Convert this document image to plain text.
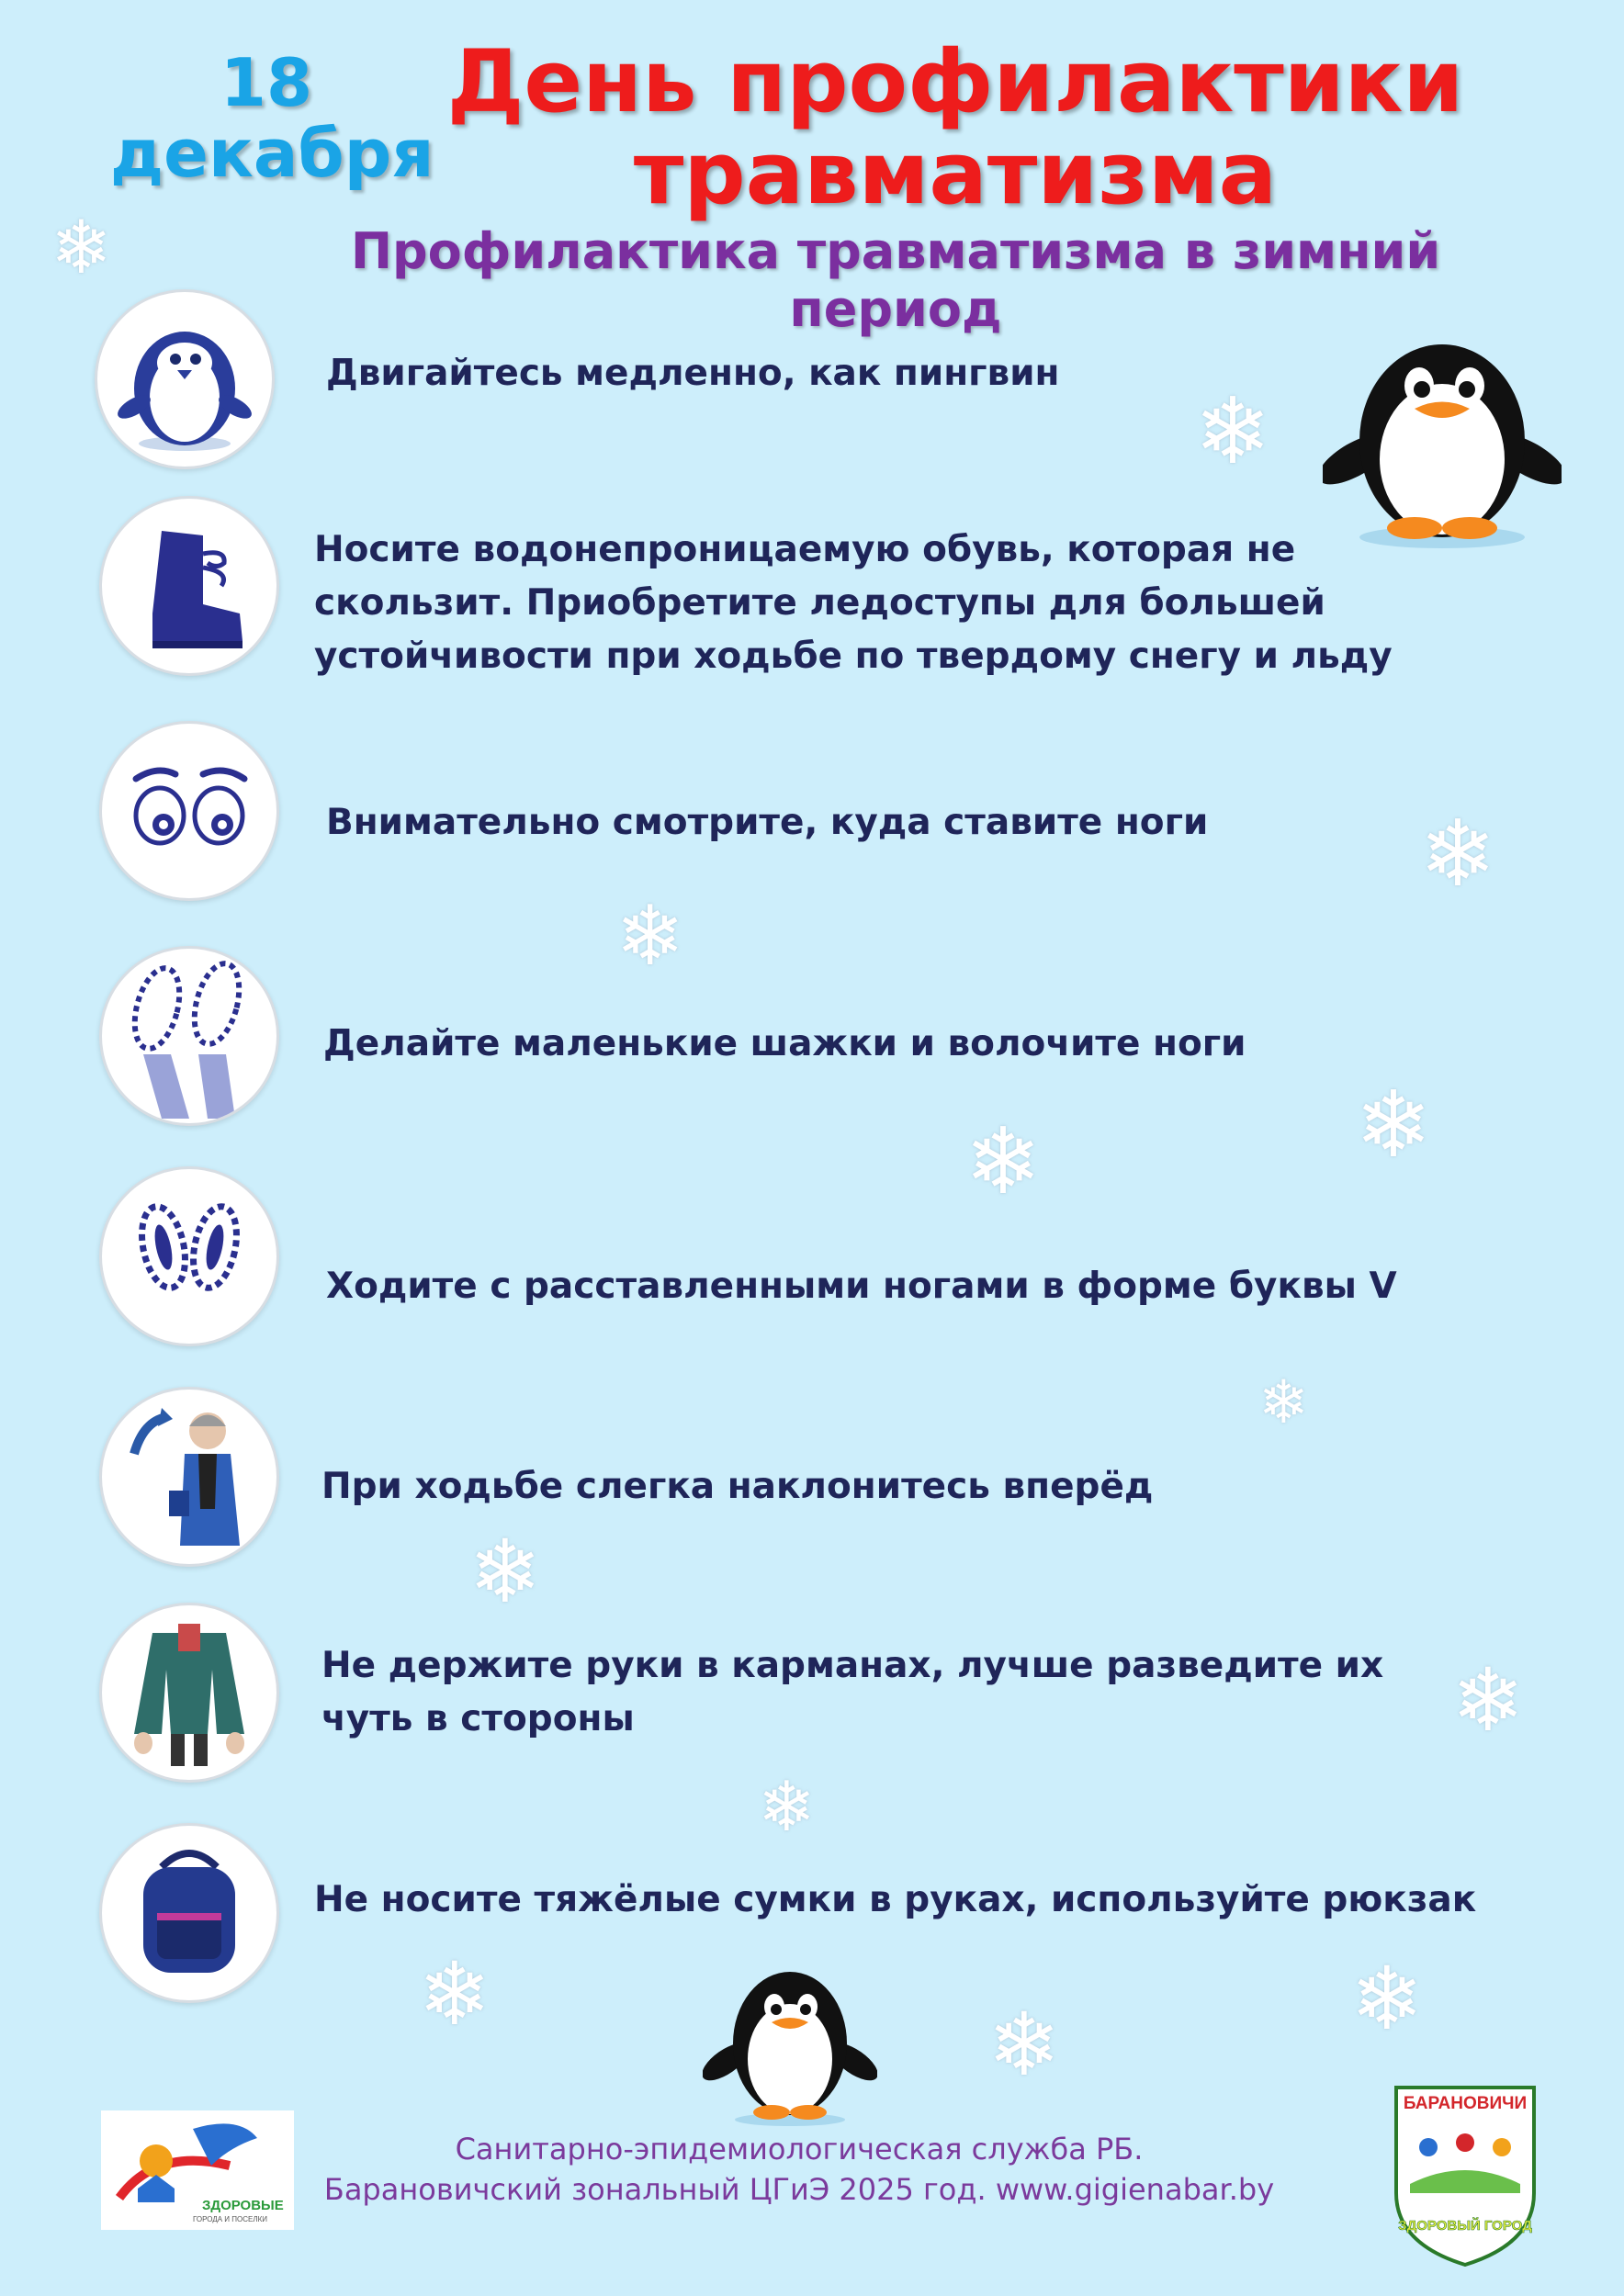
18
декабря
День профилактики
травматизма
Профилактика травматизма в зимний период
❄
❄
❄
❄
❄
❄
❄
❄
❄
❄
❄	❄
❄
Двигайтесь медленно, как пингвин
Носите водонепроницаемую обувь, которая не
скользит. Приобретите ледоступы для большей
устойчивости при ходьбе по твердому снегу и льду
Внимательно смотрите, куда ставите ноги
Делайте маленькие шажки и волочите ноги
Ходите с расставленными ногами в форме буквы V
При ходьбе слегка наклонитесь вперёд
Не держите руки в карманах, лучше разведите их
чуть в стороны
Не носите тяжёлые сумки в руках, используйте рюкзак
ЗДОРОВЫЕ
ГОРОДА И ПОСЕЛКИ
Санитарно-эпидемиологическая служба РБ.
Барановичский зональный ЦГиЭ 2025 год. www.gigienabar.by
БАРАНОВИЧИ
ЗДОРОВЫЙ ГОРОД
